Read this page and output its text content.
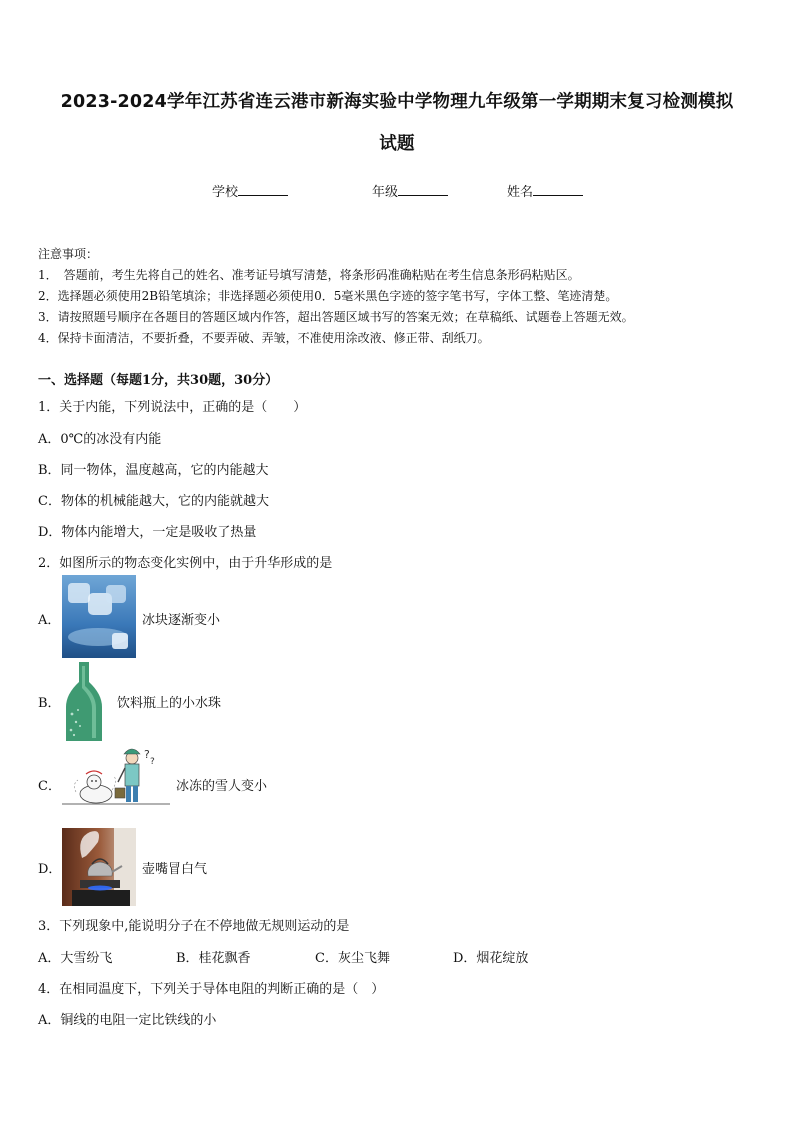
2023-2024学年江苏省连云港市新海实验中学物理九年级第一学期期末复习检测模拟
试题
学校	年级	姓名
注意事项：
1．　答题前，考生先将自己的姓名、准考证号填写清楚，将条形码准确粘贴在考生信息条形码粘贴区。
2．选择题必须使用2B铅笔填涂；非选择题必须使用0．5毫米黑色字迹的签字笔书写，字体工整、笔迹清楚。
3．请按照题号顺序在各题目的答题区域内作答，超出答题区域书写的答案无效；在草稿纸、试题卷上答题无效。
4．保持卡面清洁，不要折叠，不要弄破、弄皱，不准使用涂改液、修正带、刮纸刀。
一、选择题（每题1分，共30题，30分）
1．关于内能，下列说法中，正确的是（　　）
A．0℃的冰没有内能
B．同一物体，温度越高，它的内能越大
C．物体的机械能越大，它的内能就越大
D．物体内能增大，一定是吸收了热量
2．如图所示的物态变化实例中，由于升华形成的是
A．	冰块逐渐变小
B．	饮料瓶上的小水珠
C．
?
?
冰冻的雪人变小
D．	壶嘴冒白气
3．下列现象中,能说明分子在不停地做无规则运动的是
A．大雪纷飞	B．桂花飘香	C．灰尘飞舞	D．烟花绽放
4．在相同温度下，下列关于导体电阻的判断正确的是（　）
A．铜线的电阻一定比铁线的小
